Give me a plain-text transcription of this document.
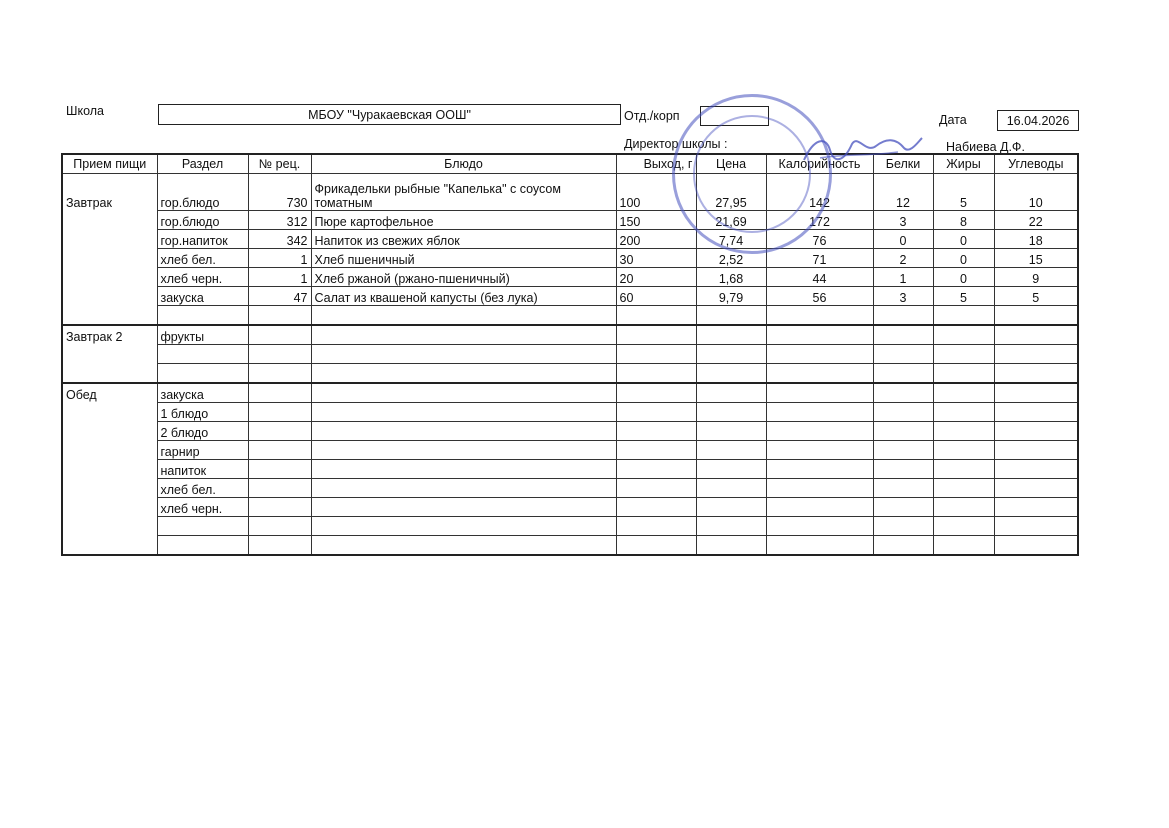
Школа	МБОУ "Чуракаевская ООШ"	Отд./корп	Дата	16.04.2026
Директор школы :	Набиева Д.Ф.
Прием пищи	Раздел	№ рец.	Блюдо	Выход, г	Цена	Калорийность	Белки	Жиры	Углеводы
Завтрак	гор.блюдо	730	Фрикадельки рыбные "Капелька" с соусом томатным	100	27,95	142	12	5	10
	гор.блюдо	312	Пюре картофельное	150	21,69	172	3	8	22
	гор.напиток	342	Напиток из свежих яблок	200	7,74	76	0	0	18
	хлеб бел.	1	Хлеб пшеничный	30	2,52	71	2	0	15
	хлеб черн.	1	Хлеб ржаной (ржано-пшеничный)	20	1,68	44	1	0	9
	закуска	47	Салат из квашеной капусты (без лука)	60	9,79	56	3	5	5

Завтрак 2	фрукты								

Обед	закуска								
	1 блюдо								
	2 блюдо								
	гарнир								
	напиток								
	хлеб бел.								
	хлеб черн.								
